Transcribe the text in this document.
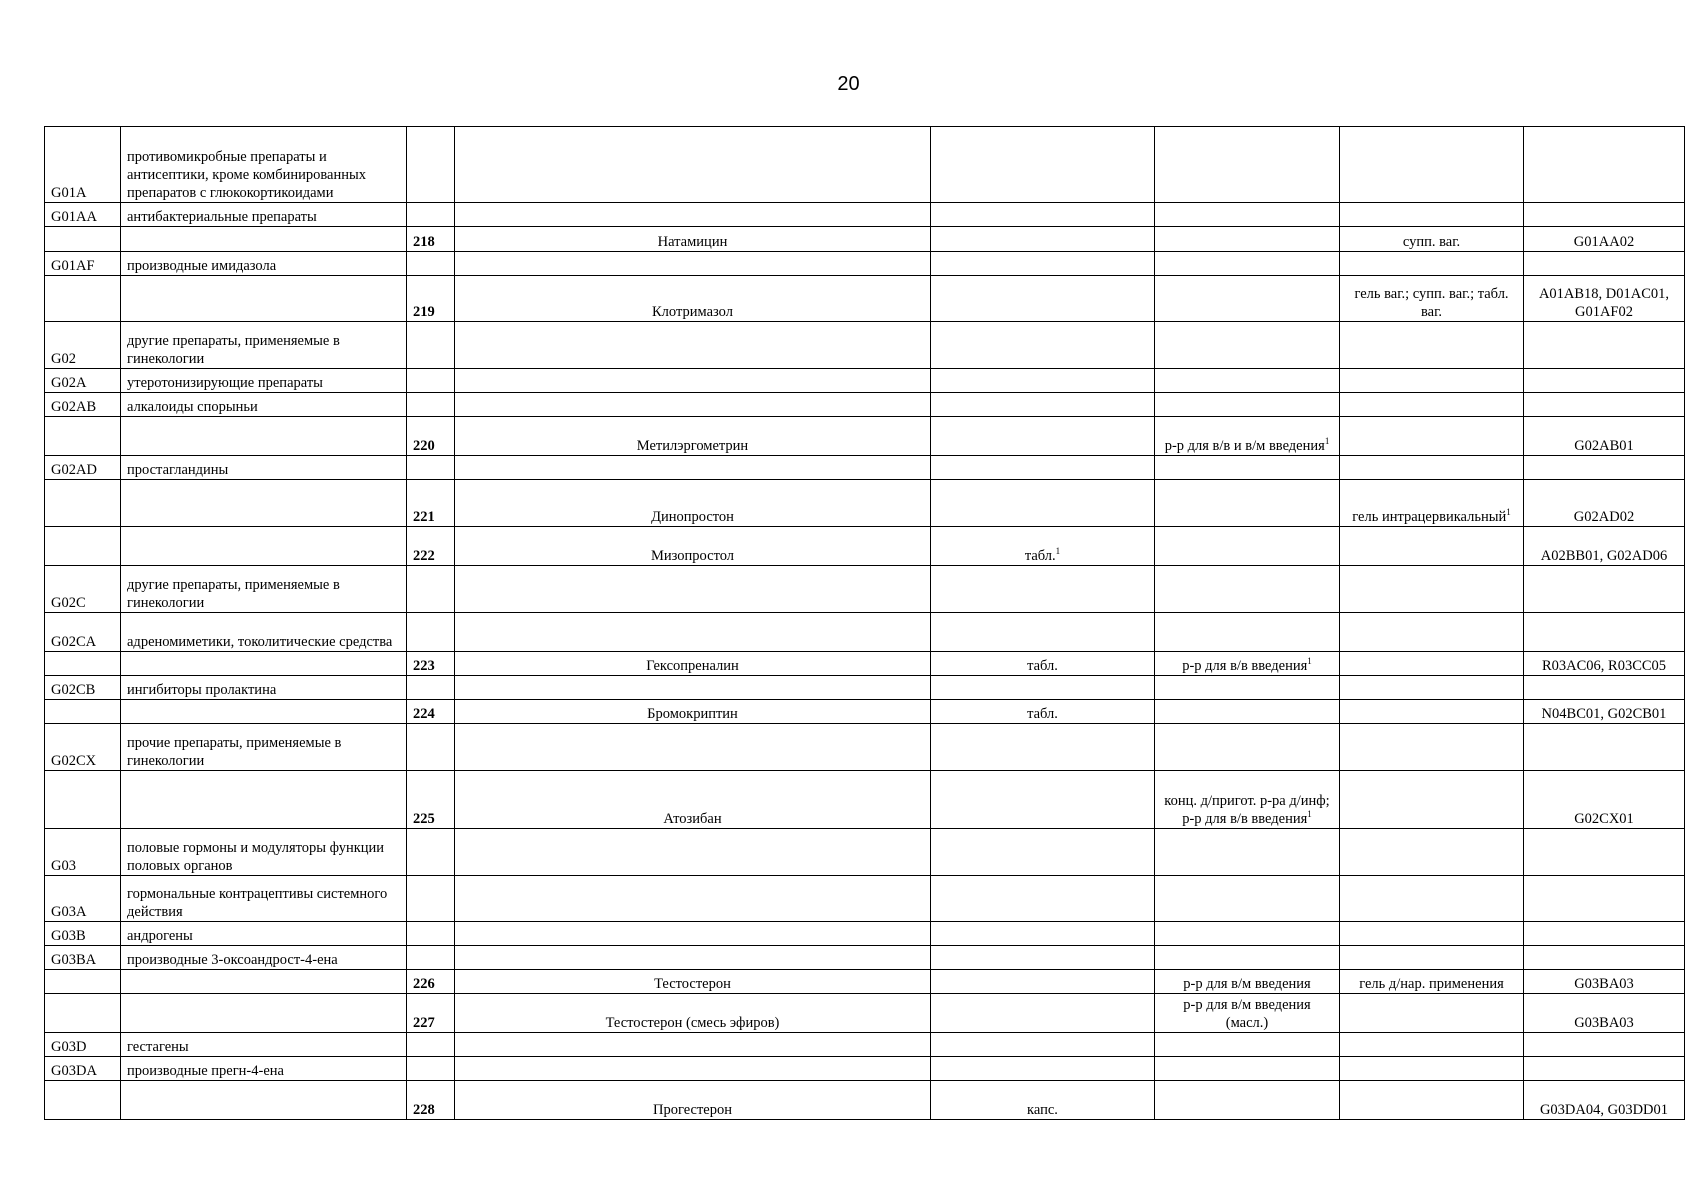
20
G01A	противомикробные препараты и антисептики, кроме комбинированных препаратов с глюкокортикоидами						
G01AA	антибактериальные препараты						
		218	Натамицин			супп. ваг.	G01AA02
G01AF	производные имидазола						
		219	Клотримазол			гель ваг.; супп. ваг.; табл. ваг.	A01AB18, D01AC01, G01AF02
G02	другие препараты, применяемые в гинекологии						
G02A	утеротонизирующие препараты						
G02AB	алкалоиды спорыньи						
		220	Метилэргометрин		р-р для в/в и в/м введения$^1$		G02AB01
G02AD	простагландины						
		221	Динопростон			гель интрацервикальный$^1$	G02AD02
		222	Мизопростол	табл.$^1$			A02BB01, G02AD06
G02C	другие препараты, применяемые в гинекологии						
G02CA	адреномиметики, токолитические средства						
		223	Гексопреналин	табл.	р-р для в/в введения$^1$		R03AC06, R03CC05
G02CB	ингибиторы пролактина						
		224	Бромокриптин	табл.			N04BC01, G02CB01
G02CX	прочие препараты, применяемые в гинекологии						
		225	Атозибан		конц. д/пригот. р-ра д/инф; р-р для в/в введения$^1$		G02CX01
G03	половые гормоны и модуляторы функции половых органов						
G03A	гормональные контрацептивы системного действия						
G03B	андрогены						
G03BA	производные 3-оксоандрост-4-ена						
		226	Тестостерон		р-р для в/м введения	гель д/нар. применения	G03BA03
		227	Тестостерон (смесь эфиров)		р-р для в/м введения (масл.)		G03BA03
G03D	гестагены						
G03DA	производные прегн-4-ена						
		228	Прогестерон	капс.			G03DA04, G03DD01
